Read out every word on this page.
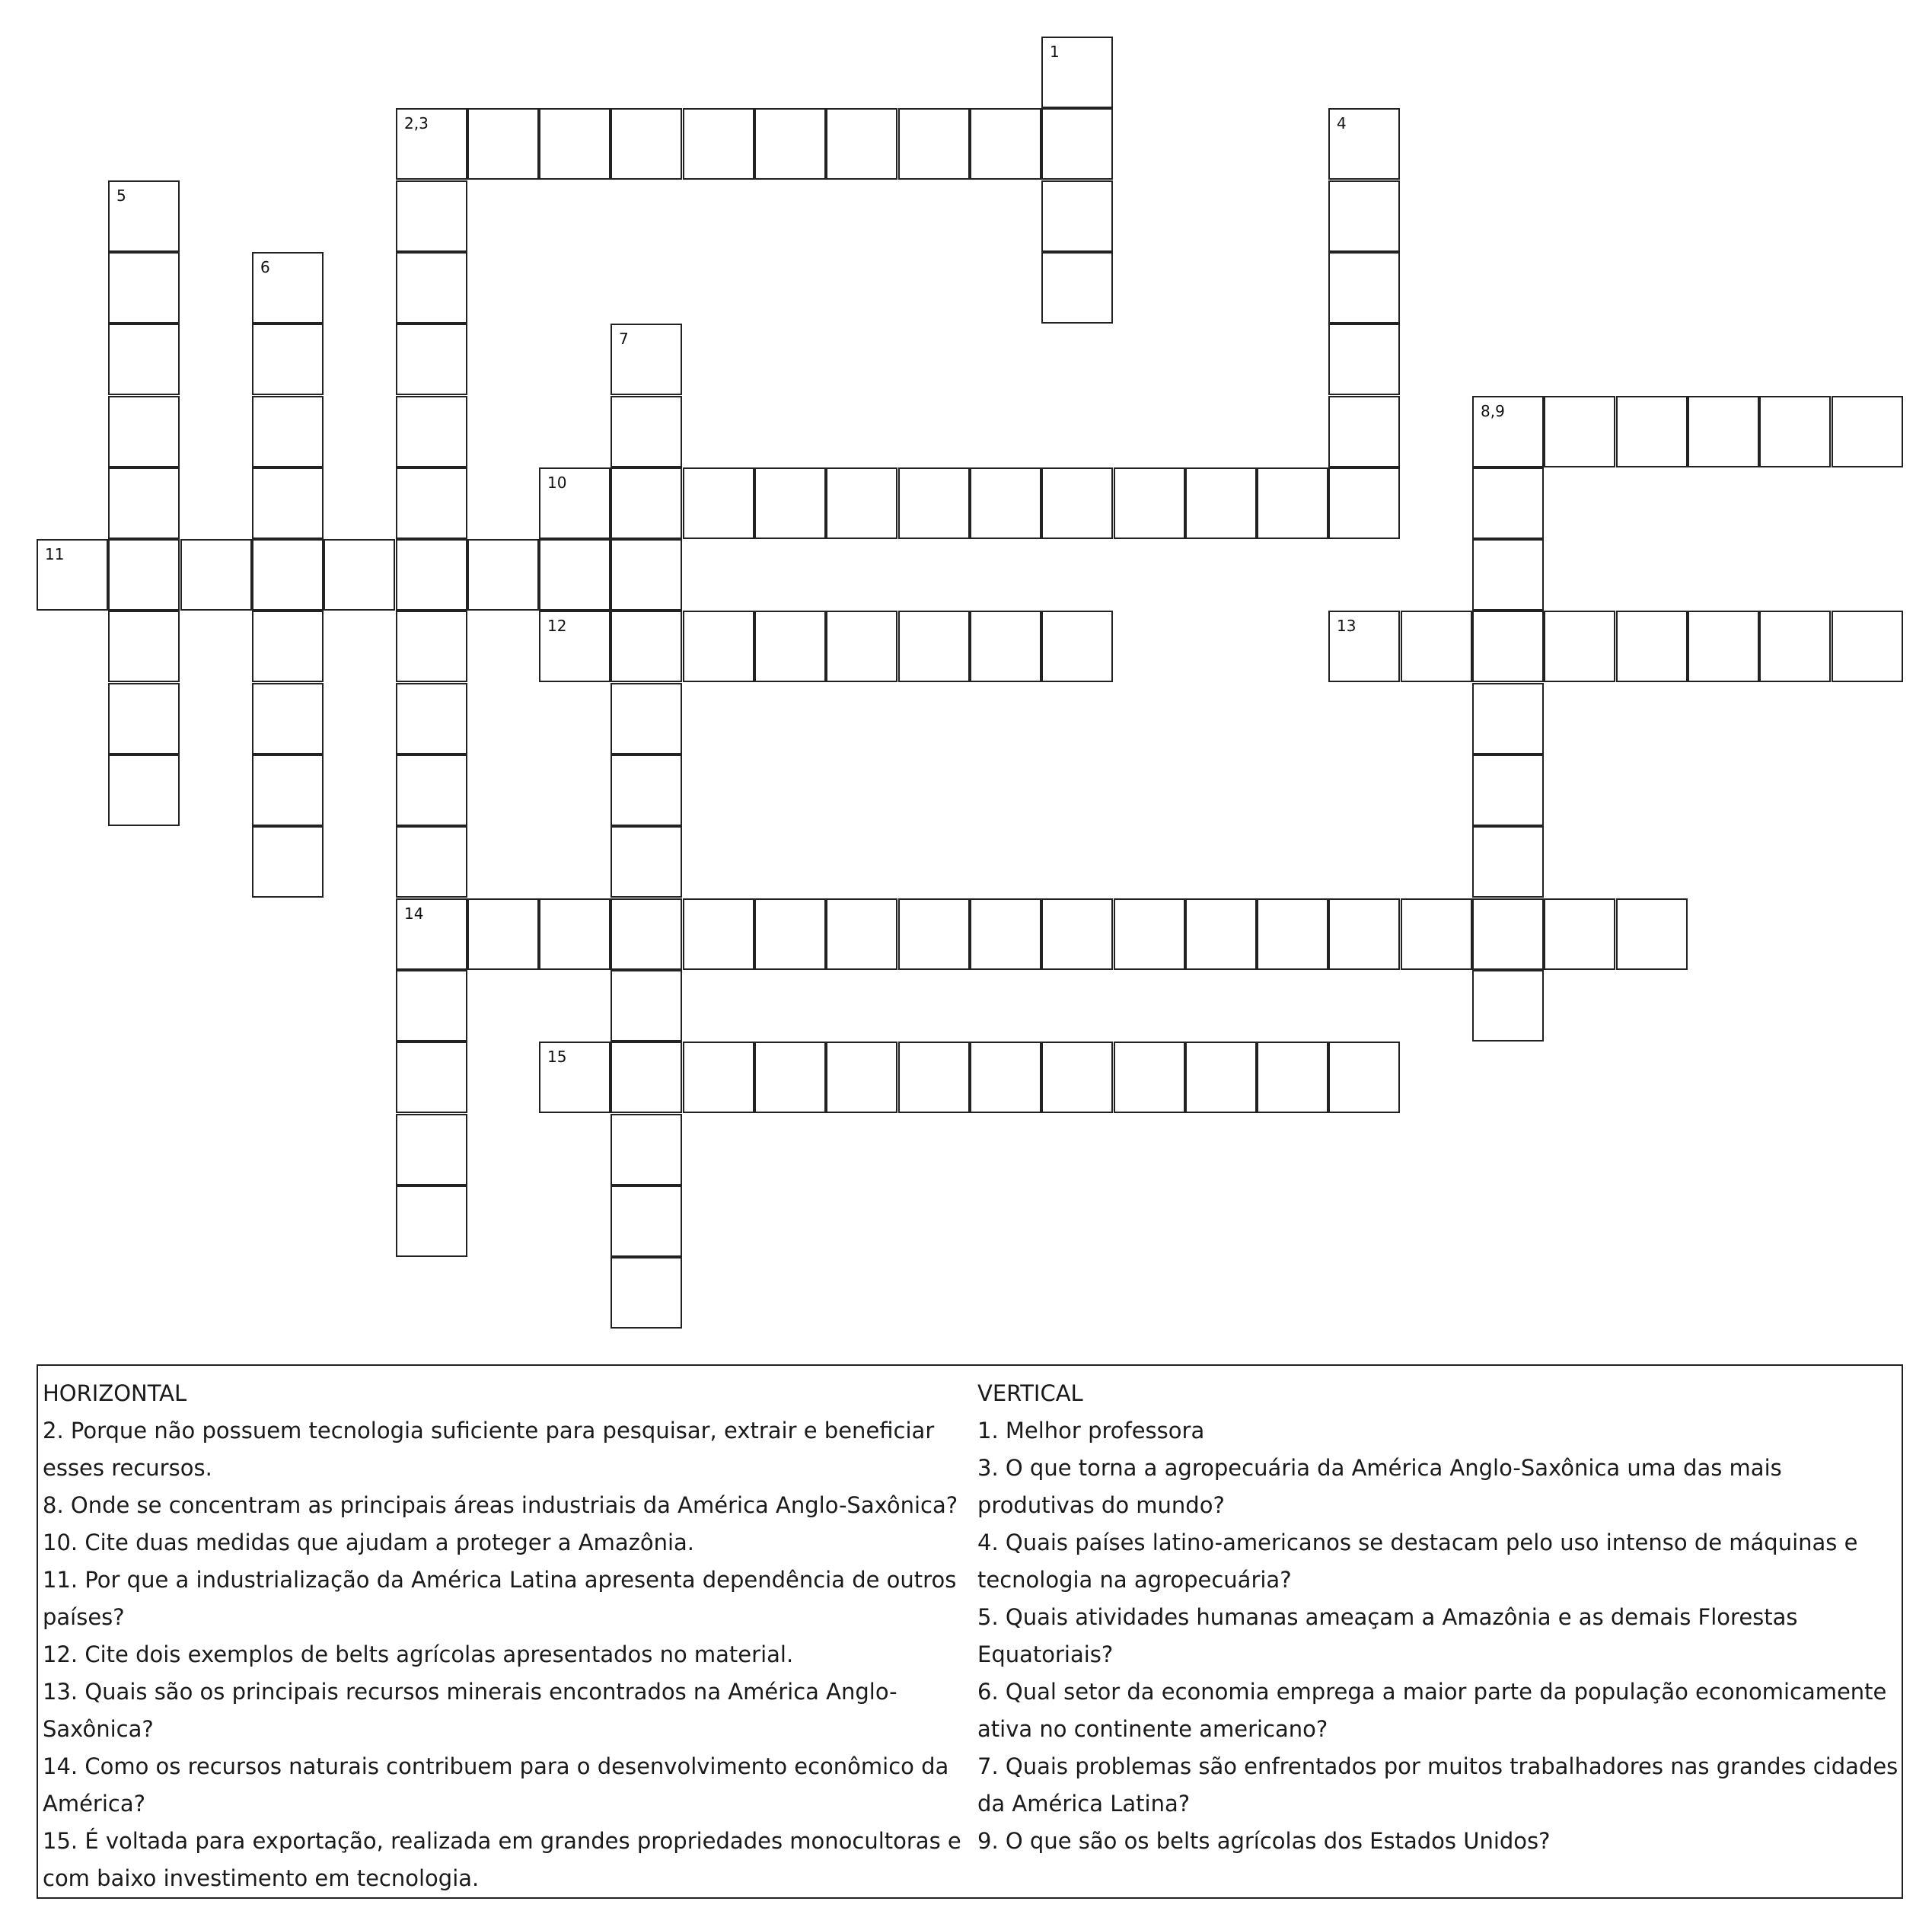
1
2,3	4
5
6
7
8,9
10
11
12	13
14
15
HORIZONTAL
2. Porque não possuem tecnologia suficiente para pesquisar, extrair e beneficiar esses recursos.
8. Onde se concentram as principais áreas industriais da América Anglo-Saxônica?
10. Cite duas medidas que ajudam a proteger a Amazônia.
11. Por que a industrialização da América Latina apresenta dependência de outros países?
12. Cite dois exemplos de belts agrícolas apresentados no material.
13. Quais são os principais recursos minerais encontrados na América Anglo-Saxônica?
14. Como os recursos naturais contribuem para o desenvolvimento econômico da América?
15. É voltada para exportação, realizada em grandes propriedades monocultoras e com baixo investimento em tecnologia.
VERTICAL
1. Melhor professora
3. O que torna a agropecuária da América Anglo-Saxônica uma das mais produtivas do mundo?
4. Quais países latino-americanos se destacam pelo uso intenso de máquinas e tecnologia na agropecuária?
5. Quais atividades humanas ameaçam a Amazônia e as demais Florestas Equatoriais?
6. Qual setor da economia emprega a maior parte da população economicamente ativa no continente americano?
7. Quais problemas são enfrentados por muitos trabalhadores nas grandes cidades da América Latina?
9. O que são os belts agrícolas dos Estados Unidos?
